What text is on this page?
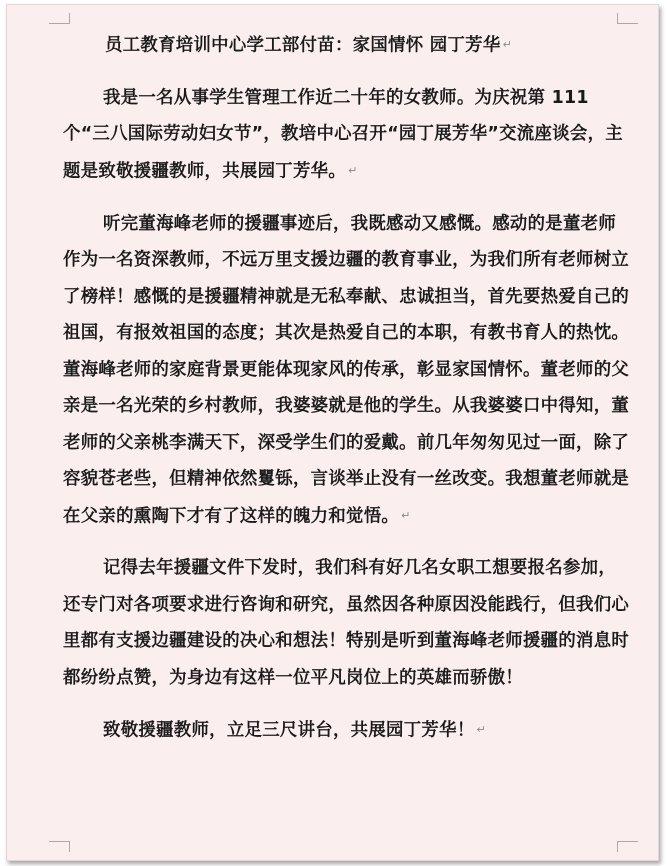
员工教育培训中心学工部付苗：家国情怀 园丁芳华 ↵

我是一名从事学生管理工作近二十年的女教师。为庆祝第 111 个“三八国际劳动妇女节”，教培中心召开“园丁展芳华”交流座谈会，主题是致敬援疆教师，共展园丁芳华。 ↵

听完董海峰老师的援疆事迹后，我既感动又感慨。感动的是董老师作为一名资深教师，不远万里支援边疆的教育事业，为我们所有老师树立了榜样！感慨的是援疆精神就是无私奉献、忠诚担当，首先要热爱自己的祖国，有报效祖国的态度；其次是热爱自己的本职，有教书育人的热忱。董海峰老师的家庭背景更能体现家风的传承，彰显家国情怀。董老师的父亲是一名光荣的乡村教师，我婆婆就是他的学生。从我婆婆口中得知，董老师的父亲桃李满天下，深受学生们的爱戴。前几年匆匆见过一面，除了容貌苍老些，但精神依然矍铄，言谈举止没有一丝改变。我想董老师就是在父亲的熏陶下才有了这样的魄力和觉悟。 ↵

记得去年援疆文件下发时，我们科有好几名女职工想要报名参加，还专门对各项要求进行咨询和研究，虽然因各种原因没能践行，但我们心里都有支援边疆建设的决心和想法！特别是听到董海峰老师援疆的消息时都纷纷点赞，为身边有这样一位平凡岗位上的英雄而骄傲！

致敬援疆教师，立足三尺讲台，共展园丁芳华！ ↵
